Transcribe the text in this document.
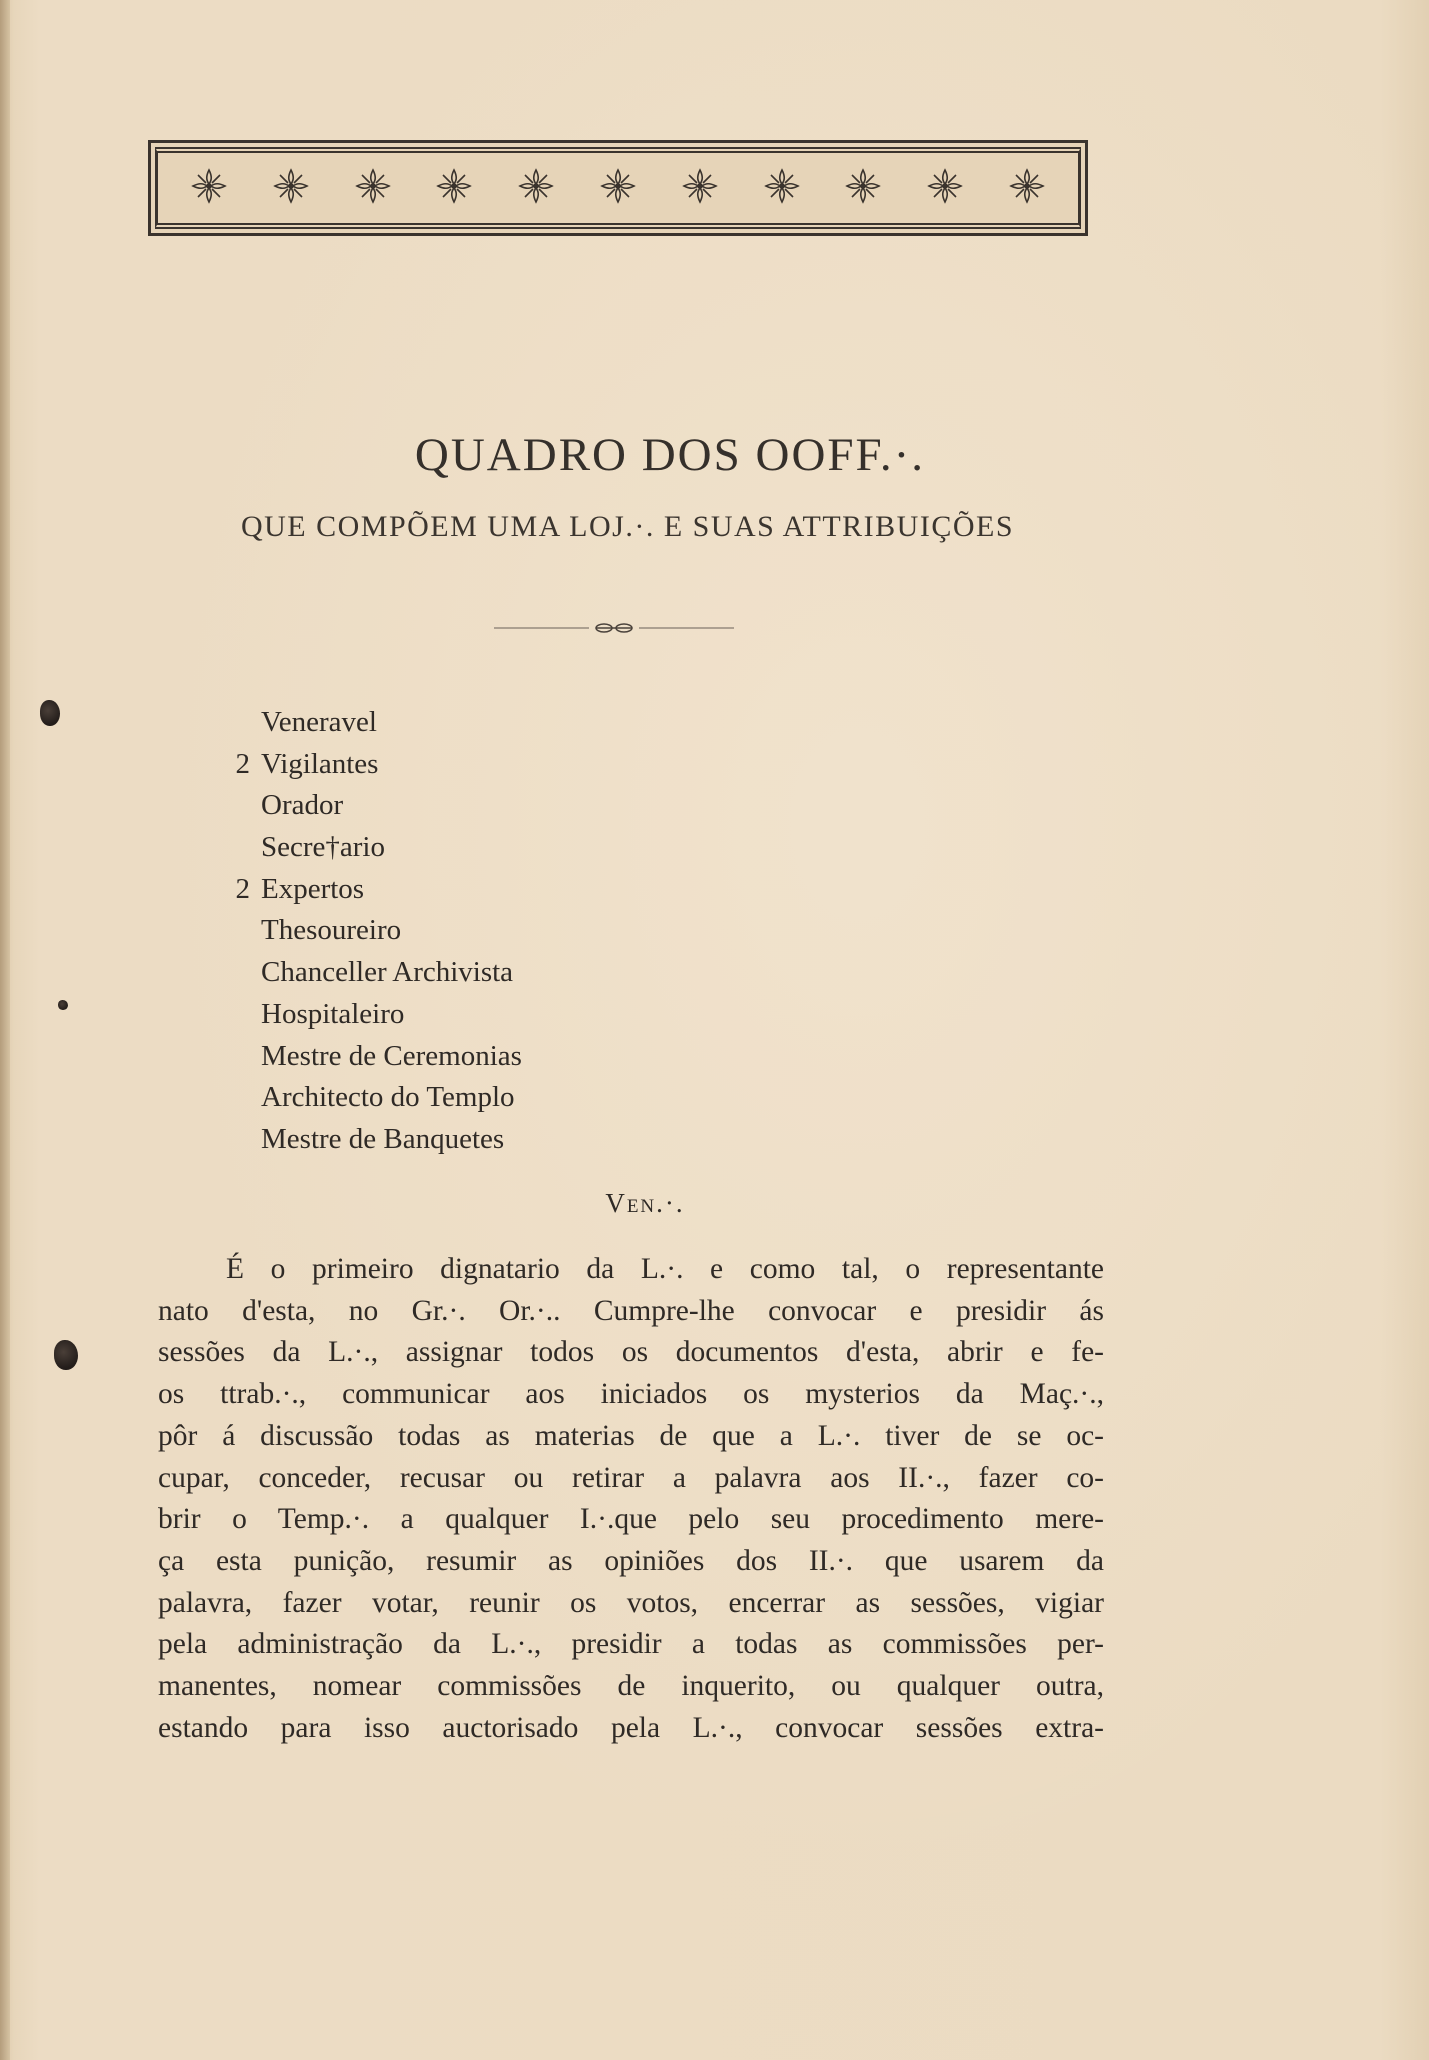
QUADRO DOS OOFF.·.
QUE COMPÕEM UMA LOJ.·. E SUAS ATTRIBUIÇÕES
Veneravel
2 Vigilantes
Orador
Secre†ario
2 Expertos
Thesoureiro
Chanceller Archivista
Hospitaleiro
Mestre de Ceremonias
Architecto do Templo
Mestre de Banquetes
Ven.·.
É o primeiro dignatario da L.·. e como tal, o representante
nato d'esta, no Gr.·. Or.·.. Cumpre-lhe convocar e presidir ás
sessões da L.·., assignar todos os documentos d'esta, abrir e fe-
os ttrab.·., communicar aos iniciados os mysterios da Maç.·.,
pôr á discussão todas as materias de que a L.·. tiver de se oc-
cupar, conceder, recusar ou retirar a palavra aos II.·., fazer co-
brir o Temp.·. a qualquer I.·.que pelo seu procedimento mere-
ça esta punição, resumir as opiniões dos II.·. que usarem da
palavra, fazer votar, reunir os votos, encerrar as sessões, vigiar
pela administração da L.·., presidir a todas as commissões per-
manentes, nomear commissões de inquerito, ou qualquer outra,
estando para isso auctorisado pela L.·., convocar sessões extra-
